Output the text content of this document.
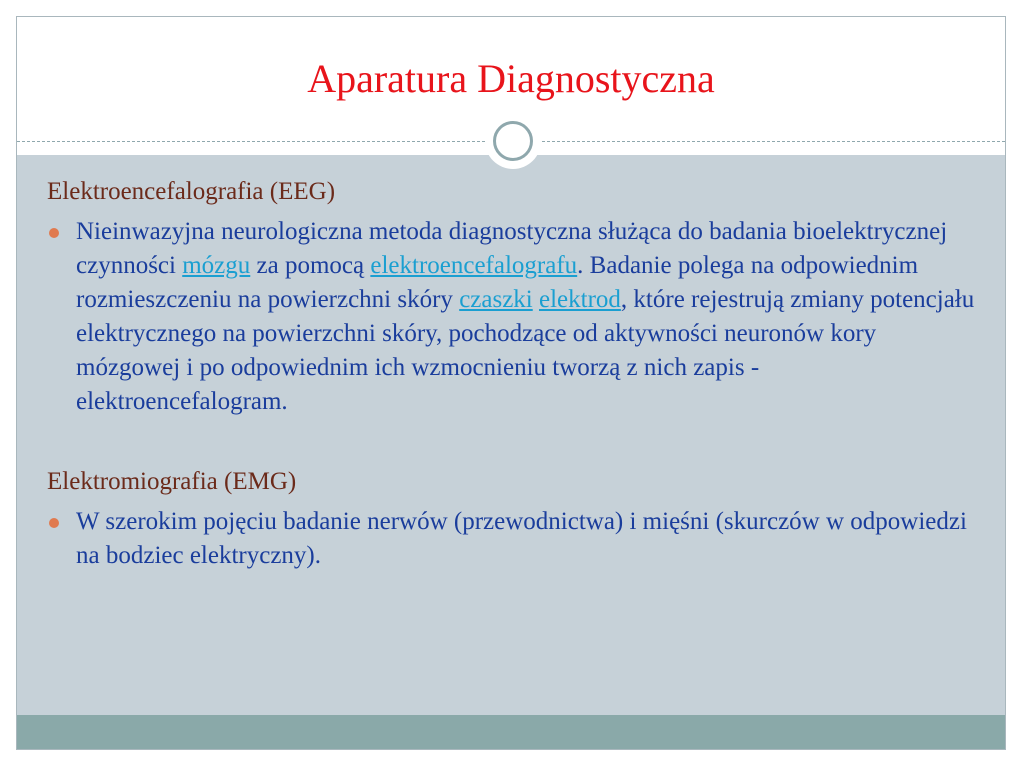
Aparatura Diagnostyczna

Elektroencefalografia (EEG)

Nieinwazyjna neurologiczna metoda diagnostyczna służąca do badania bioelektrycznej czynności mózgu za pomocą elektroencefalografu. Badanie polega na odpowiednim rozmieszczeniu na powierzchni skóry czaszki elektrod, które rejestrują zmiany potencjału elektrycznego na powierzchni skóry, pochodzące od aktywności neuronów kory mózgowej i po odpowiednim ich wzmocnieniu tworzą z nich zapis - elektroencefalogram.

Elektromiografia (EMG)

W szerokim pojęciu badanie nerwów (przewodnictwa) i mięśni (skurczów w odpowiedzi na bodziec elektryczny).
